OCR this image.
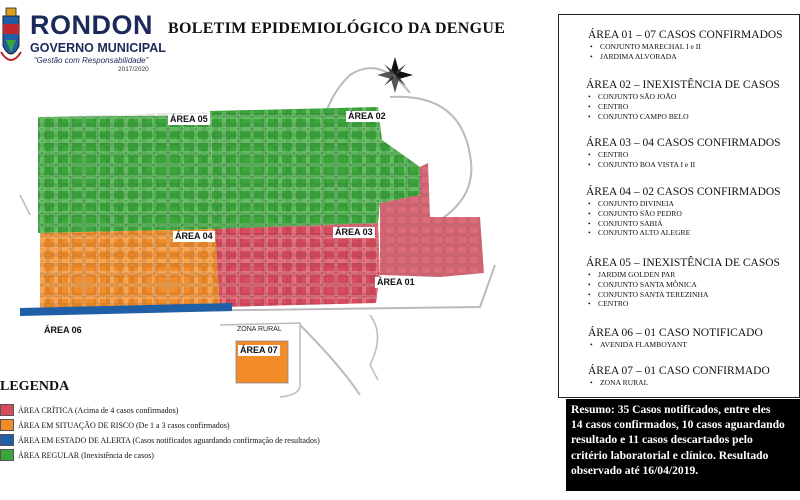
RONDON
GOVERNO MUNICIPAL
“Gestão com Responsabilidade”
2017/2020
BOLETIM EPIDEMIOLÓGICO DA DENGUE
ÁREA 05	ÁREA 02
ÁREA 04	ÁREA 03
ÁREA 01
ÁREA 06
ÁREA 07
ZONA RURAL
LEGENDA
ÁREA CRÍTICA (Acima de 4 casos confirmados)
ÁREA EM SITUAÇÃO DE RISCO (De 1 a 3 casos confirmados)
ÁREA EM ESTADO DE ALERTA (Casos notificados aguardando confirmação de resultados)
ÁREA REGULAR (Inexistência de casos)
ÁREA 01 – 07 CASOS CONFIRMADOS
• CONJUNTO MARECHAL I e II
• JARDIMA ALVORADA
ÁREA 02 – INEXISTÊNCIA DE CASOS
• CONJUNTO SÃO JOÃO
• CENTRO
• CONJUNTO CAMPO BELO
ÁREA 03 – 04 CASOS CONFIRMADOS
• CENTRO
• CONJUNTO BOA VISTA I e II
ÁREA 04 – 02 CASOS CONFIRMADOS
• CONJUNTO DIVINEIA
• CONJUNTO SÃO PEDRO
• CONJUNTO SABIÁ
• CONJUNTO ALTO ALEGRE
ÁREA 05 – INEXISTÊNCIA DE CASOS
• JARDIM GOLDEN PAR
• CONJUNTO SANTA MÔNICA
• CONJUNTO SANTA TEREZINHA
• CENTRO
ÁREA 06 – 01 CASO NOTIFICADO
• AVENIDA FLAMBOYANT
ÁREA 07 – 01 CASO CONFIRMADO
• ZONA RURAL
Resumo: 35 Casos notificados, entre eles
14 casos confirmados, 10 casos aguardando
resultado e 11 casos descartados pelo
critério laboratorial e clínico. Resultado
observado até 16/04/2019.
